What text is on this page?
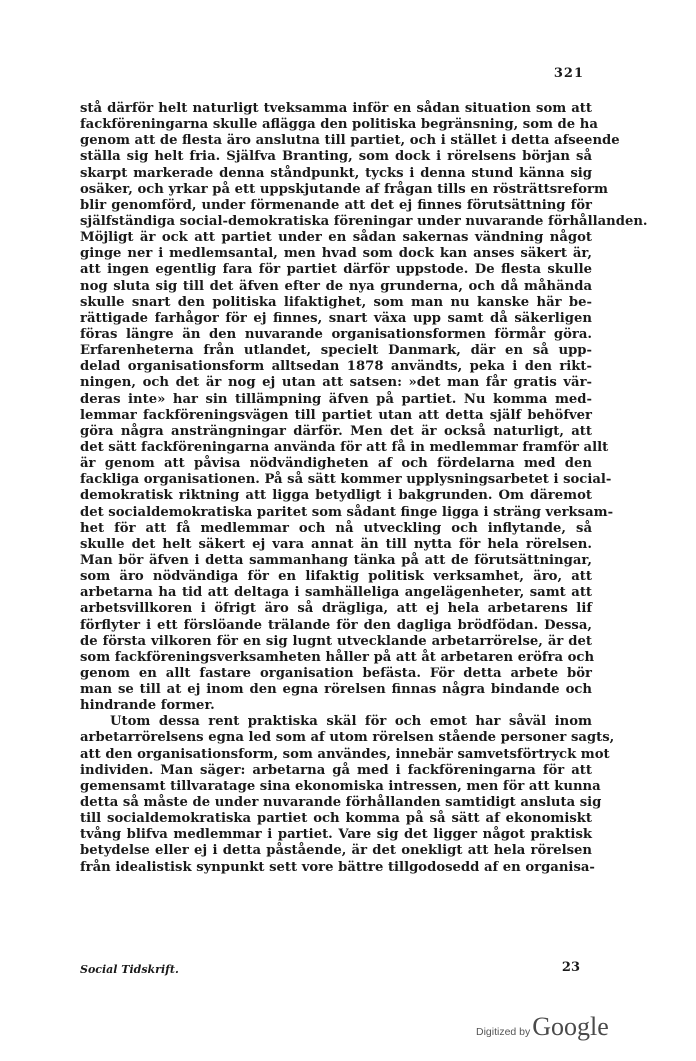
321
stå därför helt naturligt tveksamma inför en sådan situation som att
fackföreningarna skulle aflägga den politiska begränsning, som de ha
genom att de flesta äro anslutna till partiet, och i stället i detta afseende
ställa sig helt fria. Själfva Branting, som dock i rörelsens början så
skarpt markerade denna ståndpunkt, tycks i denna stund känna sig
osäker, och yrkar på ett uppskjutande af frågan tills en rösträttsreform
blir genomförd, under förmenande att det ej finnes förutsättning för
själfständiga social-demokratiska föreningar under nuvarande förhållanden.
Möjligt är ock att partiet under en sådan sakernas vändning något
ginge ner i medlemsantal, men hvad som dock kan anses säkert är,
att ingen egentlig fara för partiet därför uppstode. De flesta skulle
nog sluta sig till det äfven efter de nya grunderna, och då måhända
skulle snart den politiska lifaktighet, som man nu kanske här be-
rättigade farhågor för ej finnes, snart växa upp samt då säkerligen
föras längre än den nuvarande organisationsformen förmår göra.
Erfarenheterna från utlandet, specielt Danmark, där en så upp-
delad organisationsform alltsedan 1878 användts, peka i den rikt-
ningen, och det är nog ej utan att satsen: »det man får gratis vär-
deras inte» har sin tillämpning äfven på partiet. Nu komma med-
lemmar fackföreningsvägen till partiet utan att detta själf behöfver
göra några ansträngningar därför. Men det är också naturligt, att
det sätt fackföreningarna använda för att få in medlemmar framför allt
är genom att påvisa nödvändigheten af och fördelarna med den
fackliga organisationen. På så sätt kommer upplysningsarbetet i social-
demokratisk riktning att ligga betydligt i bakgrunden. Om däremot
det socialdemokratiska paritet som sådant finge ligga i sträng verksam-
het för att få medlemmar och nå utveckling och inflytande, så
skulle det helt säkert ej vara annat än till nytta för hela rörelsen.
Man bör äfven i detta sammanhang tänka på att de förutsättningar,
som äro nödvändiga för en lifaktig politisk verksamhet, äro, att
arbetarna ha tid att deltaga i samhälleliga angelägenheter, samt att
arbetsvillkoren i öfrigt äro så drägliga, att ej hela arbetarens lif
förflyter i ett förslöande trälande för den dagliga brödfödan. Dessa,
de första vilkoren för en sig lugnt utvecklande arbetarrörelse, är det
som fackföreningsverksamheten håller på att åt arbetaren eröfra och
genom en allt fastare organisation befästa. För detta arbete bör
man se till at ej inom den egna rörelsen finnas några bindande och
hindrande former.
Utom dessa rent praktiska skäl för och emot har såväl inom
arbetarrörelsens egna led som af utom rörelsen stående personer sagts,
att den organisationsform, som användes, innebär samvetsförtryck mot
individen. Man säger: arbetarna gå med i fackföreningarna för att
gemensamt tillvaratage sina ekonomiska intressen, men för att kunna
detta så måste de under nuvarande förhållanden samtidigt ansluta sig
till socialdemokratiska partiet och komma på så sätt af ekonomiskt
tvång blifva medlemmar i partiet. Vare sig det ligger något praktisk
betydelse eller ej i detta påstående, är det onekligt att hela rörelsen
från idealistisk synpunkt sett vore bättre tillgodosedd af en organisa-
Social Tidskrift.	23
Digitized by Google
